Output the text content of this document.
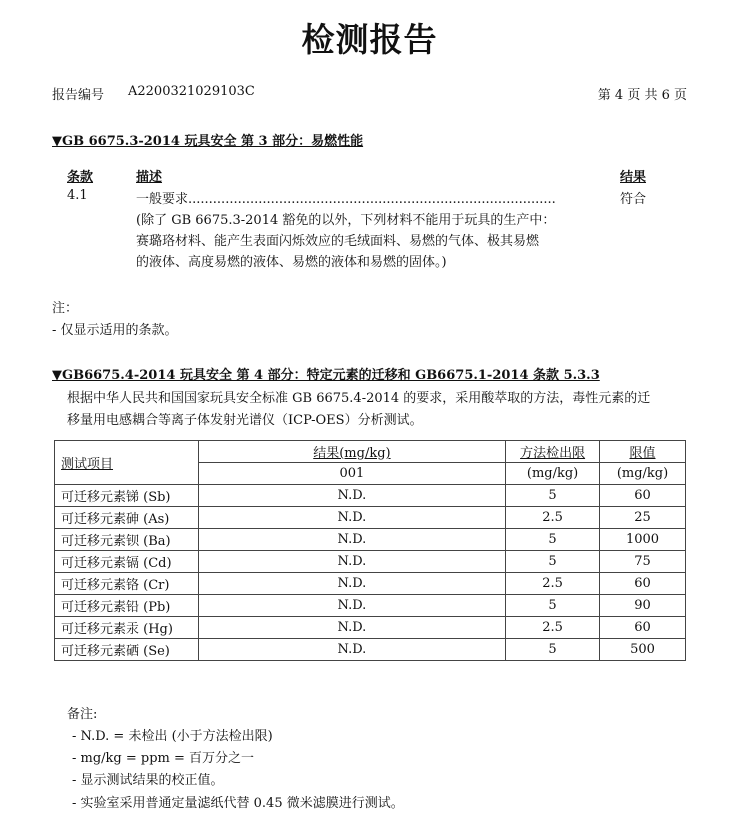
检测报告
报告编号 A2200321029103C	第 4 页 共 6 页
▼GB 6675.3-2014 玩具安全 第 3 部分：易燃性能
条款	描述	结果
4.1	一般要求.........................................................................................	符合
(除了 GB 6675.3-2014 豁免的以外，下列材料不能用于玩具的生产中：
赛璐珞材料、能产生表面闪烁效应的毛绒面料、易燃的气体、极其易燃
的液体、高度易燃的液体、易燃的液体和易燃的固体。)
注：
- 仅显示适用的条款。
▼GB6675.4-2014 玩具安全 第 4 部分：特定元素的迁移和 GB6675.1-2014 条款 5.3.3
根据中华人民共和国国家玩具安全标准 GB 6675.4-2014 的要求，采用酸萃取的方法，毒性元素的迁
移量用电感耦合等离子体发射光谱仪（ICP-OES）分析测试。
测试项目	结果(mg/kg)	方法检出限	限值
	001	(mg/kg)	(mg/kg)
可迁移元素锑 (Sb)	N.D.	5	60
可迁移元素砷 (As)	N.D.	2.5	25
可迁移元素钡 (Ba)	N.D.	5	1000
可迁移元素镉 (Cd)	N.D.	5	75
可迁移元素铬 (Cr)	N.D.	2.5	60
可迁移元素铅 (Pb)	N.D.	5	90
可迁移元素汞 (Hg)	N.D.	2.5	60
可迁移元素硒 (Se)	N.D.	5	500
备注:
- N.D. = 未检出 (小于方法检出限)
- mg/kg = ppm = 百万分之一
- 显示测试结果的校正值。
- 实验室采用普通定量滤纸代替 0.45 微米滤膜进行测试。
